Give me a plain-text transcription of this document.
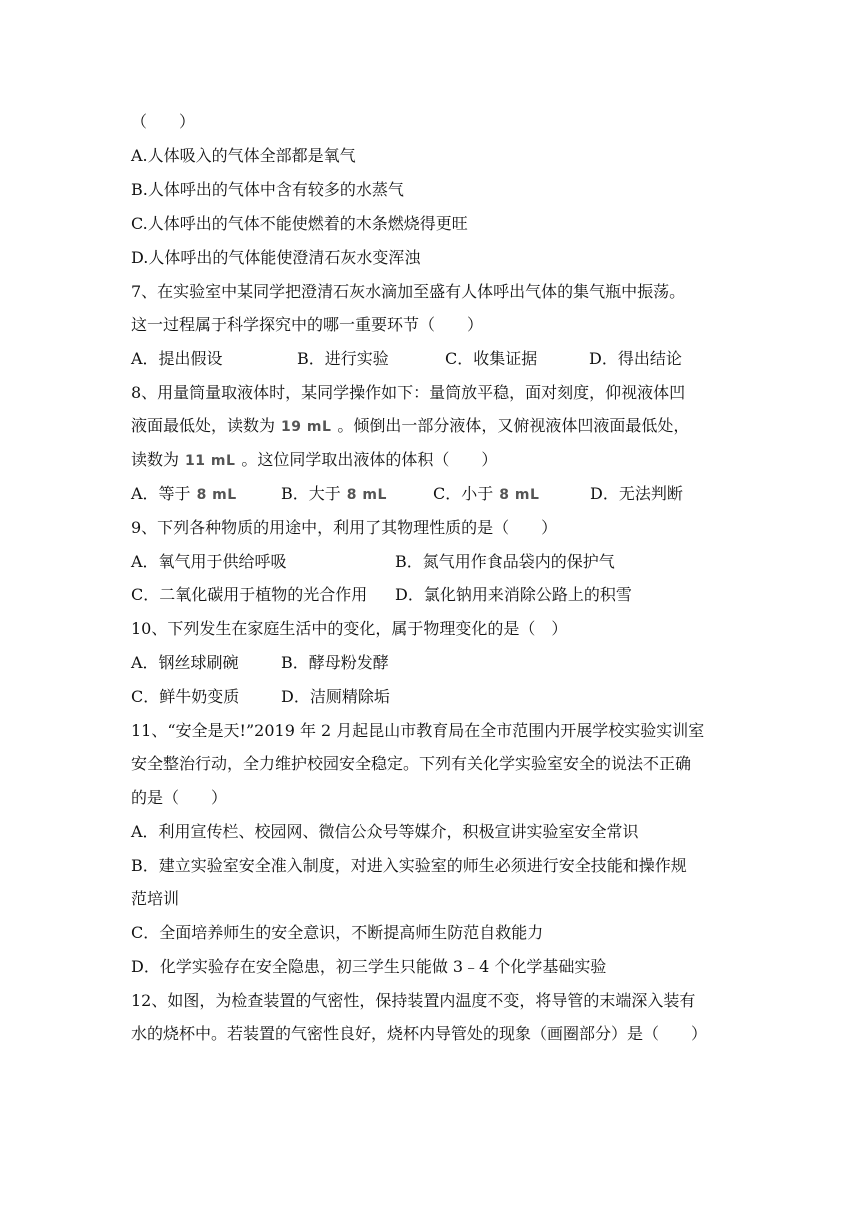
（　　）
A.人体吸入的气体全部都是氧气
B.人体呼出的气体中含有较多的水蒸气
C.人体呼出的气体不能使燃着的木条燃烧得更旺
D.人体呼出的气体能使澄清石灰水变浑浊
7、在实验室中某同学把澄清石灰水滴加至盛有人体呼出气体的集气瓶中振荡。
这一过程属于科学探究中的哪一重要环节（　　）
A．提出假设	B．进行实验	C．收集证据	D．得出结论
8、用量筒量取液体时，某同学操作如下：量筒放平稳，面对刻度，仰视液体凹
液面最低处，读数为 19 mL 。倾倒出一部分液体，又俯视液体凹液面最低处，
读数为 11 mL 。这位同学取出液体的体积（　　）
A．等于 8 mL	B．大于 8 mL	C．小于 8 mL	D．无法判断
9、下列各种物质的用途中，利用了其物理性质的是（　　）
A．氧气用于供给呼吸	B．氮气用作食品袋内的保护气
C．二氧化碳用于植物的光合作用 D．氯化钠用来消除公路上的积雪
10、下列发生在家庭生活中的变化，属于物理变化的是（　）
A．钢丝球刷碗	B．酵母粉发酵
C．鲜牛奶变质	D．洁厕精除垢
11、“安全是天!”2019 年 2 月起昆山市教育局在全市范围内开展学校实验实训室
安全整治行动，全力维护校园安全稳定。下列有关化学实验室安全的说法不正确
的是（　　）
A．利用宣传栏、校园网、微信公众号等媒介，积极宣讲实验室安全常识
B．建立实验室安全准入制度，对进入实验室的师生必须进行安全技能和操作规
范培训
C．全面培养师生的安全意识，不断提高师生防范自救能力
D．化学实验存在安全隐患，初三学生只能做 3﹣4 个化学基础实验
12、如图，为检查装置的气密性，保持装置内温度不变，将导管的末端深入装有
水的烧杯中。若装置的气密性良好，烧杯内导管处的现象（画圈部分）是（　　）
